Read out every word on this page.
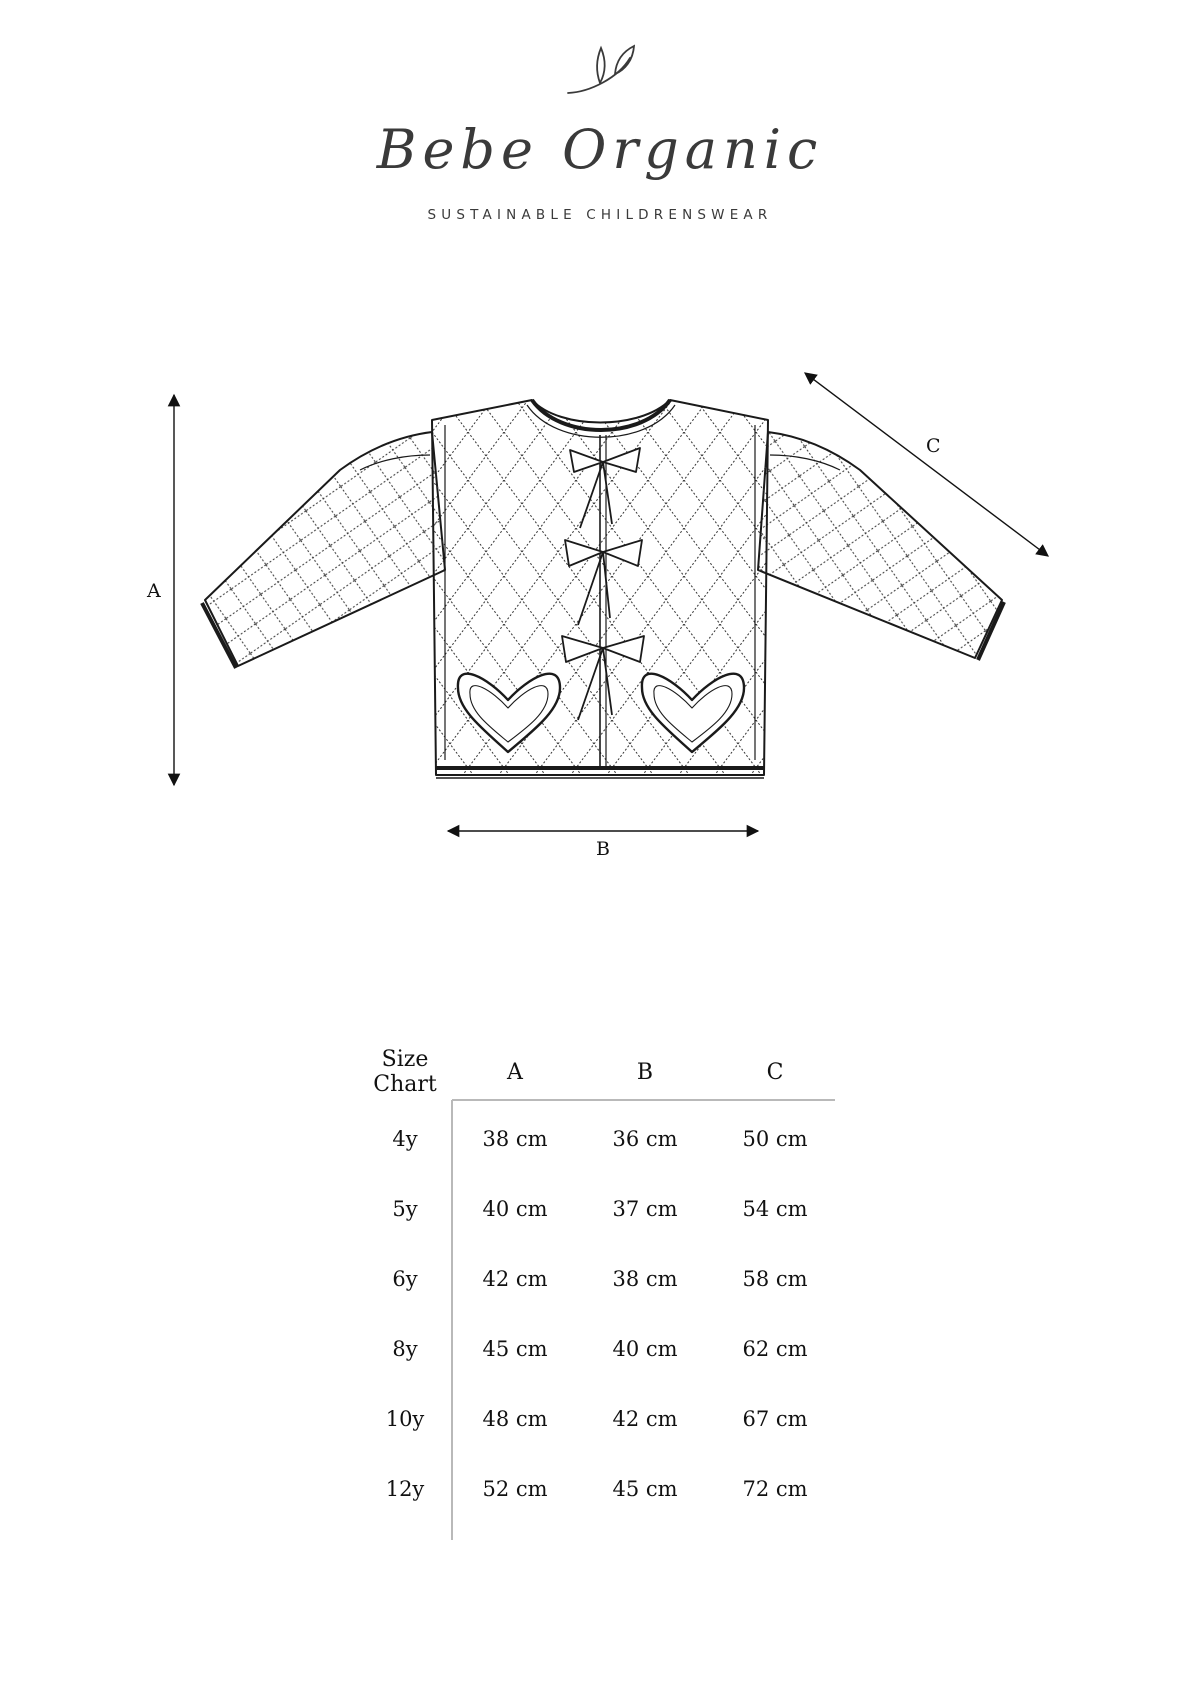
Bebe Organic
SUSTAINABLE CHILDRENSWEAR
A
B
C
Size
Chart	A	B	C
4y	38 cm	36 cm	50 cm
5y	40 cm	37 cm	54 cm
6y	42 cm	38 cm	58 cm
8y	45 cm	40 cm	62 cm
10y	48 cm	42 cm	67 cm
12y	52 cm	45 cm	72 cm
